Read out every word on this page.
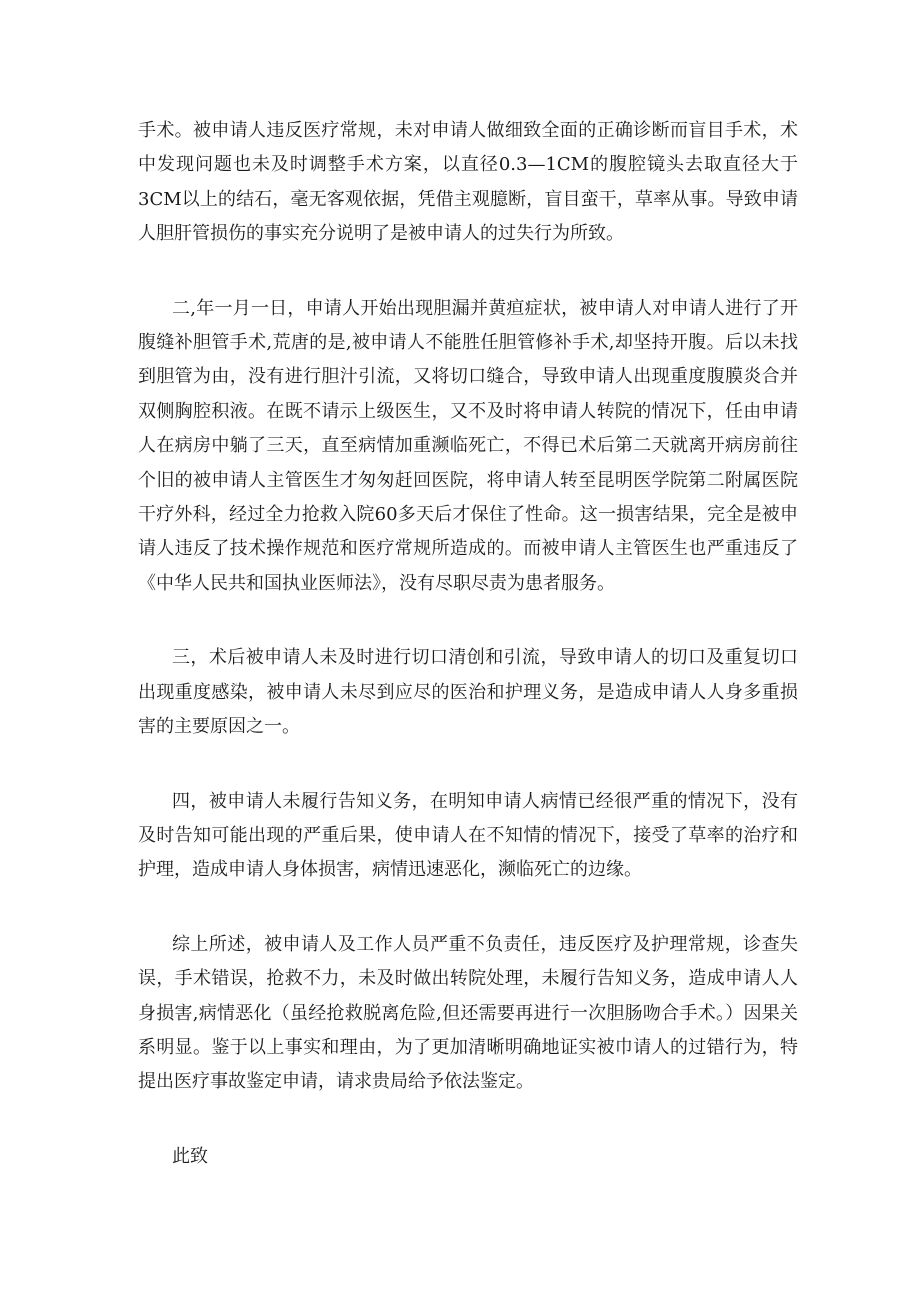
手术。被申请人违反医疗常规，未对申请人做细致全面的正确诊断而盲目手术，术中发现问题也未及时调整手术方案，以直径0.3—1CM的腹腔镜头去取直径大于3CM以上的结石，毫无客观依据，凭借主观臆断，盲目蛮干，草率从事。导致申请人胆肝管损伤的事实充分说明了是被申请人的过失行为所致。

二,年一月一日，申请人开始出现胆漏并黄疸症状，被申请人对申请人进行了开腹缝补胆管手术,荒唐的是,被申请人不能胜任胆管修补手术,却坚持开腹。后以未找到胆管为由，没有进行胆汁引流，又将切口缝合，导致申请人出现重度腹膜炎合并双侧胸腔积液。在既不请示上级医生，又不及时将申请人转院的情况下，任由申请人在病房中躺了三天，直至病情加重濒临死亡，不得已术后第二天就离开病房前往个旧的被申请人主管医生才匆匆赶回医院，将申请人转至昆明医学院第二附属医院干疗外科，经过全力抢救入院60多天后才保住了性命。这一损害结果，完全是被申请人违反了技术操作规范和医疗常规所造成的。而被申请人主管医生也严重违反了《中华人民共和国执业医师法》，没有尽职尽责为患者服务。

三，术后被申请人未及时进行切口清创和引流，导致申请人的切口及重复切口出现重度感染，被申请人未尽到应尽的医治和护理义务，是造成申请人人身多重损害的主要原因之一。

四，被申请人未履行告知义务，在明知申请人病情已经很严重的情况下，没有及时告知可能出现的严重后果，使申请人在不知情的情况下，接受了草率的治疗和护理，造成申请人身体损害，病情迅速恶化，濒临死亡的边缘。

综上所述，被申请人及工作人员严重不负责任，违反医疗及护理常规，诊查失误，手术错误，抢救不力，未及时做出转院处理，未履行告知义务，造成申请人人身损害,病情恶化（虽经抢救脱离危险,但还需要再进行一次胆肠吻合手术。）因果关系明显。鉴于以上事实和理由，为了更加清晰明确地证实被巾请人的过错行为，特提出医疗事故鉴定申请，请求贵局给予依法鉴定。

此致
